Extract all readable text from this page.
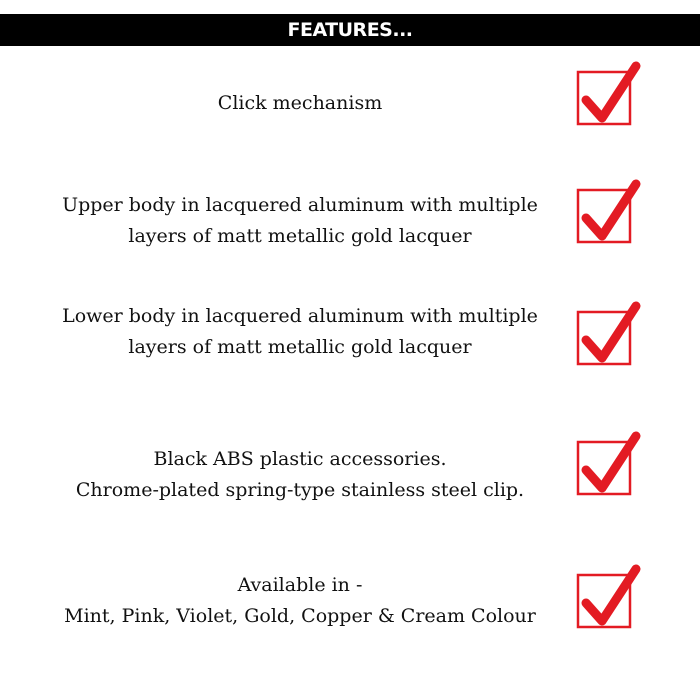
FEATURES...
Click mechanism
Upper body in lacquered aluminum with multiple
layers of matt metallic gold lacquer
Lower body in lacquered aluminum with multiple
layers of matt metallic gold lacquer
Black ABS plastic accessories.
Chrome-plated spring-type stainless steel clip.
Available in -
Mint, Pink, Violet, Gold, Copper & Cream Colour
